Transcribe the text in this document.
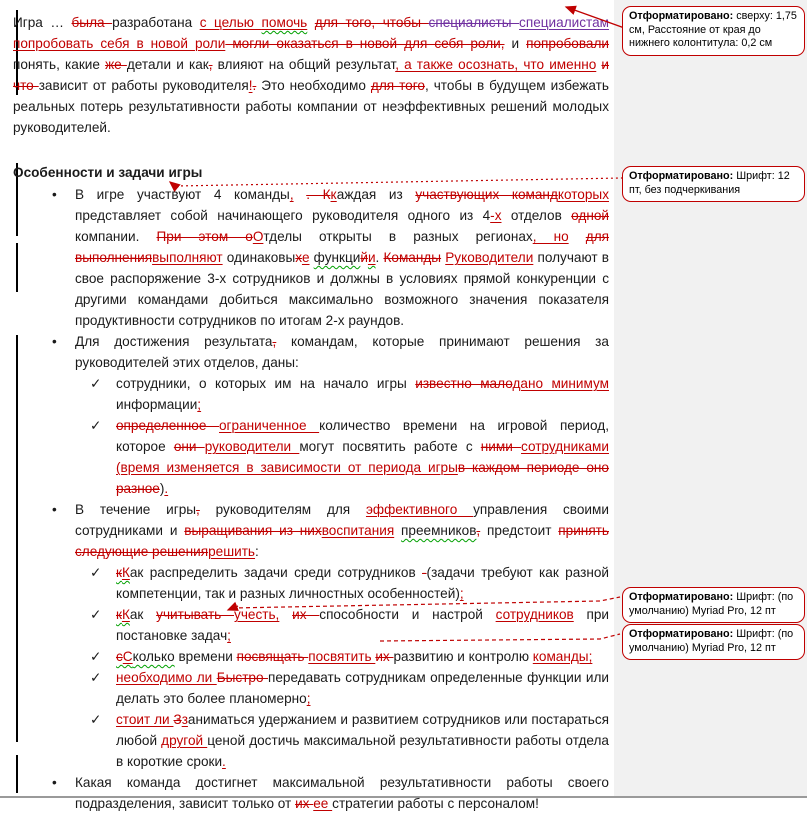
Игра … была разработана с целью помочь для того, чтобы специалисты специалистам попробовать себя в новой роли могли оказаться в новой для себя роли, и попробовали понять, какие же детали и как, влияют на общий результат, а также осознать, что именно и что зависит от работы руководителя!. Это необходимо для того, чтобы в будущем избежать реальных потерь результативности работы компании от неэффективных решений молодых руководителей.
Особенности и задачи игры
•	В игре участвуют 4 команды, . Ккаждая из участвующих командкоторых представляет собой начинающего руководителя одного из 4-х отделов одной компании. При этом оОтделы открыты в разных регионах, но для выполнениявыполняют одинаковыхе функцийи. Команды Руководители получают в свое распоряжение 3-х сотрудников и должны в условиях прямой конкуренции с другими командами добиться максимально возможного значения показателя продуктивности сотрудников по итогам 2-х раундов.
•	Для достижения результата, командам, которые принимают решения за руководителей этих отделов, даны:
✓	сотрудники, о которых им на начало игры известно малодано минимум информации;
✓	определенное ограниченное количество времени на игровой период, которое они руководители могут посвятить работе с ними сотрудниками (время изменяется в зависимости от периода игрыв каждом периоде оно разное).
•	В течение игры, руководителям для эффективного управления своими сотрудниками и выращивания из нихвоспитания преемников, предстоит принять следующие решениярешить:
✓	кКак распределить задачи среди сотрудников -(задачи требуют как разной компетенции, так и разных личностных особенностей);
✓	кКак учитывать учесть, их способности и настрой сотрудников при постановке задач;
✓	сСколько времени посвящать посвятить их развитию и контролю команды;
✓	необходимо ли Быстро передавать сотрудникам определенные функции или делать это более планомерно;
✓	стоит ли Ззаниматься удержанием и развитием сотрудников или постараться любой другой ценой достичь максимальной результативности работы отдела в короткие сроки.
•	Какая команда достигнет максимальной результативности работы своего подразделения, зависит только от их ее стратегии работы с персоналом!
Отформатировано: сверху: 1,75 см, Расстояние от края до нижнего колонтитула: 0,2 см
Отформатировано: Шрифт: 12 пт, без подчеркивания
Отформатировано: Шрифт: (по умолчанию) Myriad Pro, 12 пт
Отформатировано: Шрифт: (по умолчанию) Myriad Pro, 12 пт
